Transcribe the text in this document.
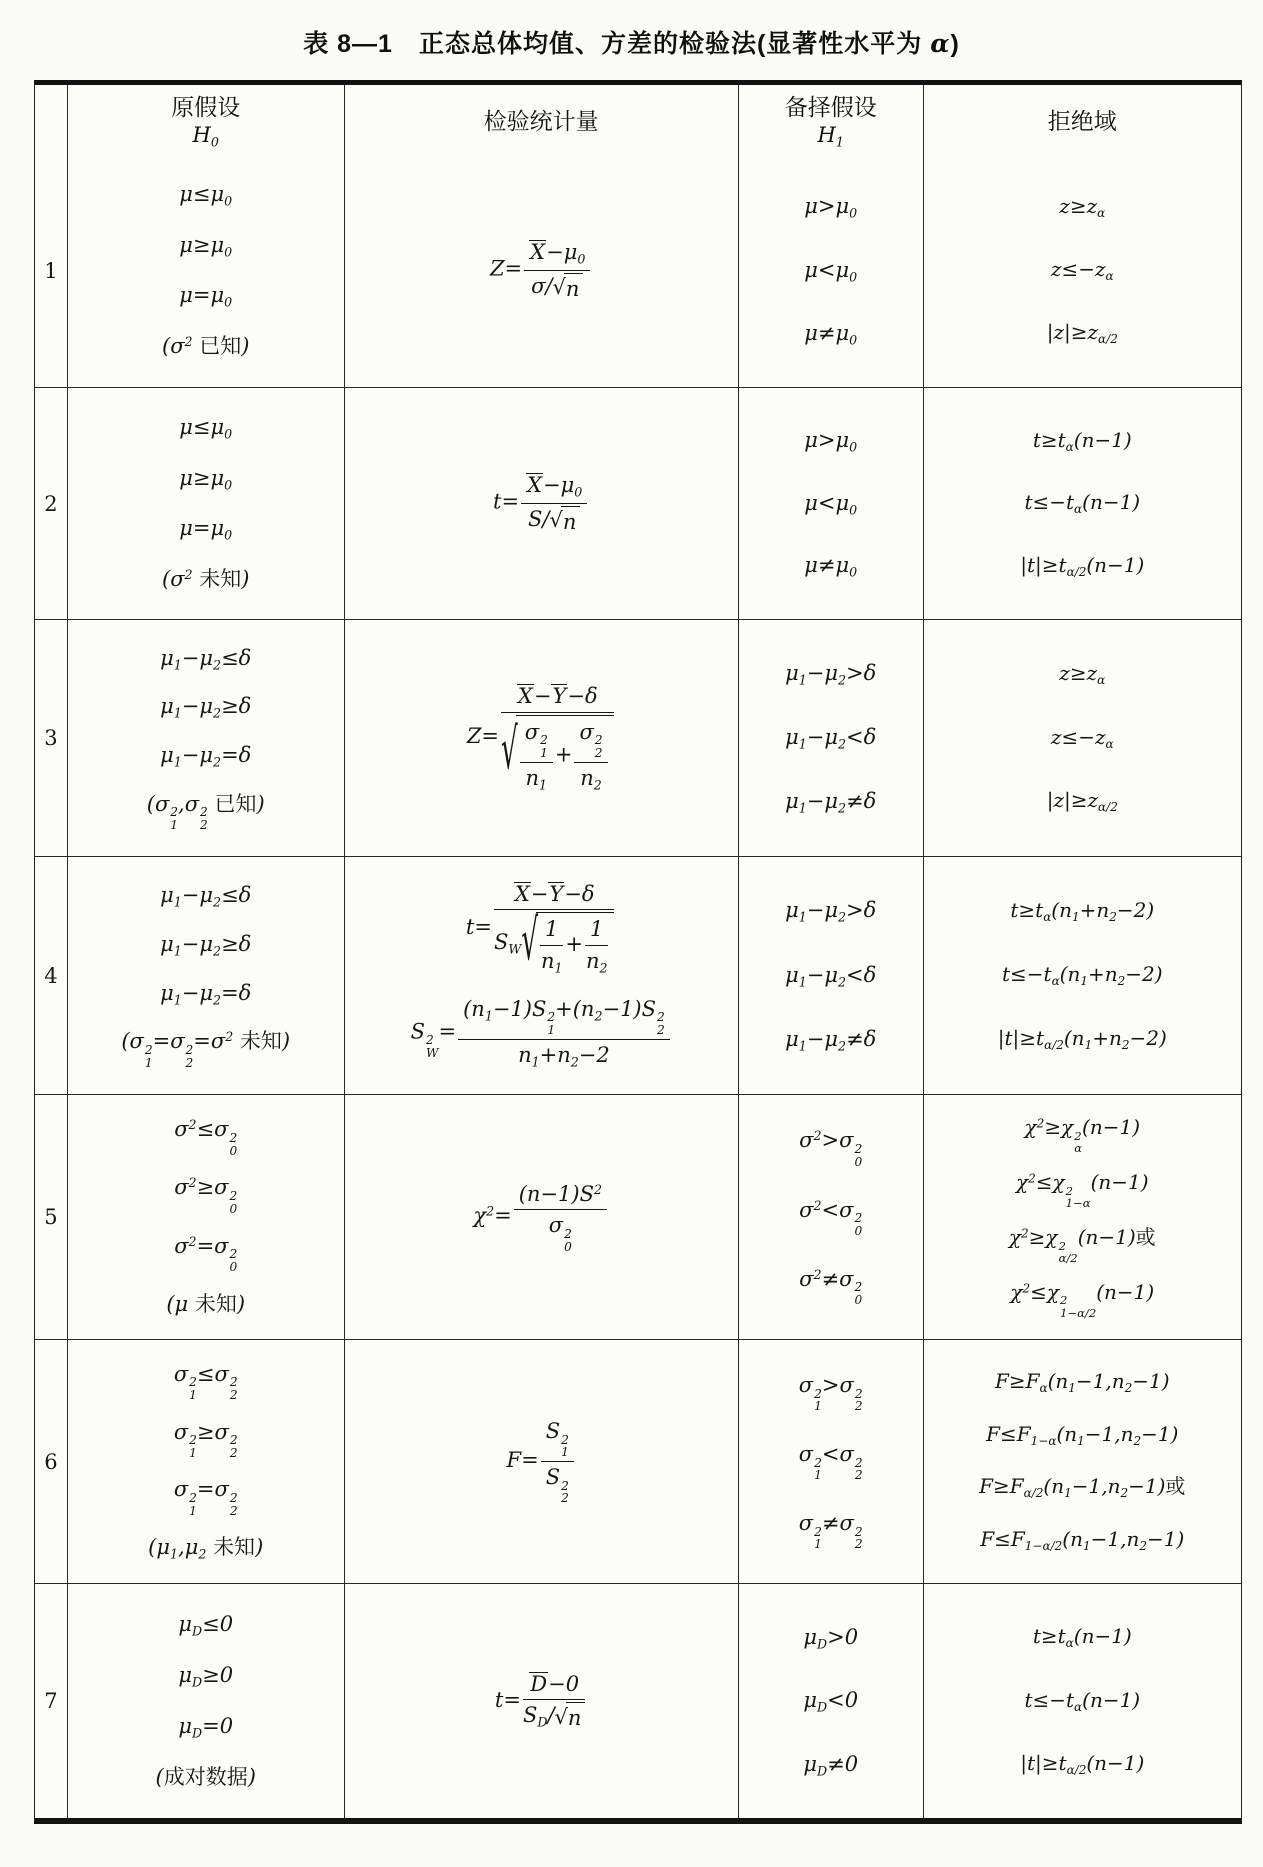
表 8—1　正态总体均值、方差的检验法(显著性水平为 α)
原假设
$H_0$
检验统计量
备择假设
$H_1$
拒绝域
1
$\mu\le\mu_0$
$\mu\ge\mu_0$
$\mu=\mu_0$
($\sigma^2$ 已知)
$Z= \frac{X-\mu_0}{\sigma/ √ n}$
$\mu>\mu_0$
$\mu<\mu_0$
$\mu\ne\mu_0$
$z\ge z_\alpha$
$z\le-z_\alpha$
$|z|\ge z_{\alpha/2}$
2
$\mu\le\mu_0$
$\mu\ge\mu_0$
$\mu=\mu_0$
($\sigma^2$ 未知)
$t= \frac{X-\mu_0}{S/ √ n}$
$\mu>\mu_0$
$\mu<\mu_0$
$\mu\ne\mu_0$
$t\ge t_\alpha(n-1)$
$t\le-t_\alpha(n-1)$
$|t|\ge t_{\alpha/2}(n-1)$
3
$\mu_1-\mu_2\le\delta$
$\mu_1-\mu_2\ge\delta$
$\mu_1-\mu_2=\delta$
(σ 2
1
,σ 2
2
已知)
Z= X−Y−δ
√ σ 2
1
$n_1 + \sigma$ 2
2
$n_2$
$\mu_1-\mu_2>\delta$
$\mu_1-\mu_2<\delta$
$\mu_1-\mu_2\ne\delta$
$z\ge z_\alpha$
$z\le-z_\alpha$
$|z|\ge z_{\alpha/2}$
4
$\mu_1-\mu_2\le\delta$
$\mu_1-\mu_2\ge\delta$
$\mu_1-\mu_2=\delta$
(σ 2
1
=σ 2
2
$=\sigma^2$ 未知)
$t= \frac{X-Y-\delta}{S_W √ \frac{1}{n_1} + \frac{1}{n_2}}$
S 2
W
= $(n_1-1)S$ 2
1
$+(n_2-1)S$ 2
2
$n_1+n_2-2$
$\mu_1-\mu_2>\delta$
$\mu_1-\mu_2<\delta$
$\mu_1-\mu_2\ne\delta$
$t\ge t_\alpha(n_1+n_2-2)$
$t\le-t_\alpha(n_1+n_2-2)$
$|t|\ge t_{\alpha/2}(n_1+n_2-2)$
5
$\sigma^2\le\sigma$ 2
0
$\sigma^2\ge\sigma$ 2
0
$\sigma^2=\sigma$ 2
0
(μ 未知)
$\chi^2= (n-1)S^2$
σ 2
0
$\sigma^2>\sigma$ 2
0
$\sigma^2<\sigma$ 2
0
$\sigma^2\ne\sigma$ 2
0
$\chi^2\ge\chi$ 2
α
(n−1)
$\chi^2\le\chi$ 2
1−α
(n−1)
$\chi^2\ge\chi$ 2
α/2
(n−1)或
$\chi^2\le\chi$ 2
1−α/2
(n−1)
6
σ 2
1
≤σ 2
2
σ 2
1
≥σ 2
2
σ 2
1
=σ 2
2
($\mu_1,\mu_2$ 未知)
F= S 2
1
S 2
2
σ 2
1
>σ 2
2
σ 2
1
<σ 2
2
σ 2
1
≠σ 2
2
$F\ge F_\alpha(n_1-1,n_2-1)$
$F\le F_{1-\alpha}(n_1-1,n_2-1)$
$F\ge F_{\alpha/2}(n_1-1,n_2-1)$或
$F\le F_{1-\alpha/2}(n_1-1,n_2-1)$
7
$\mu_D\le 0$
$\mu_D\ge 0$
$\mu_D=0$
(成对数据)
$t= \frac{D-0}{S_D/ √ n}$
$\mu_D>0$
$\mu_D<0$
$\mu_D\ne 0$
$t\ge t_\alpha(n-1)$
$t\le-t_\alpha(n-1)$
$|t|\ge t_{\alpha/2}(n-1)$
